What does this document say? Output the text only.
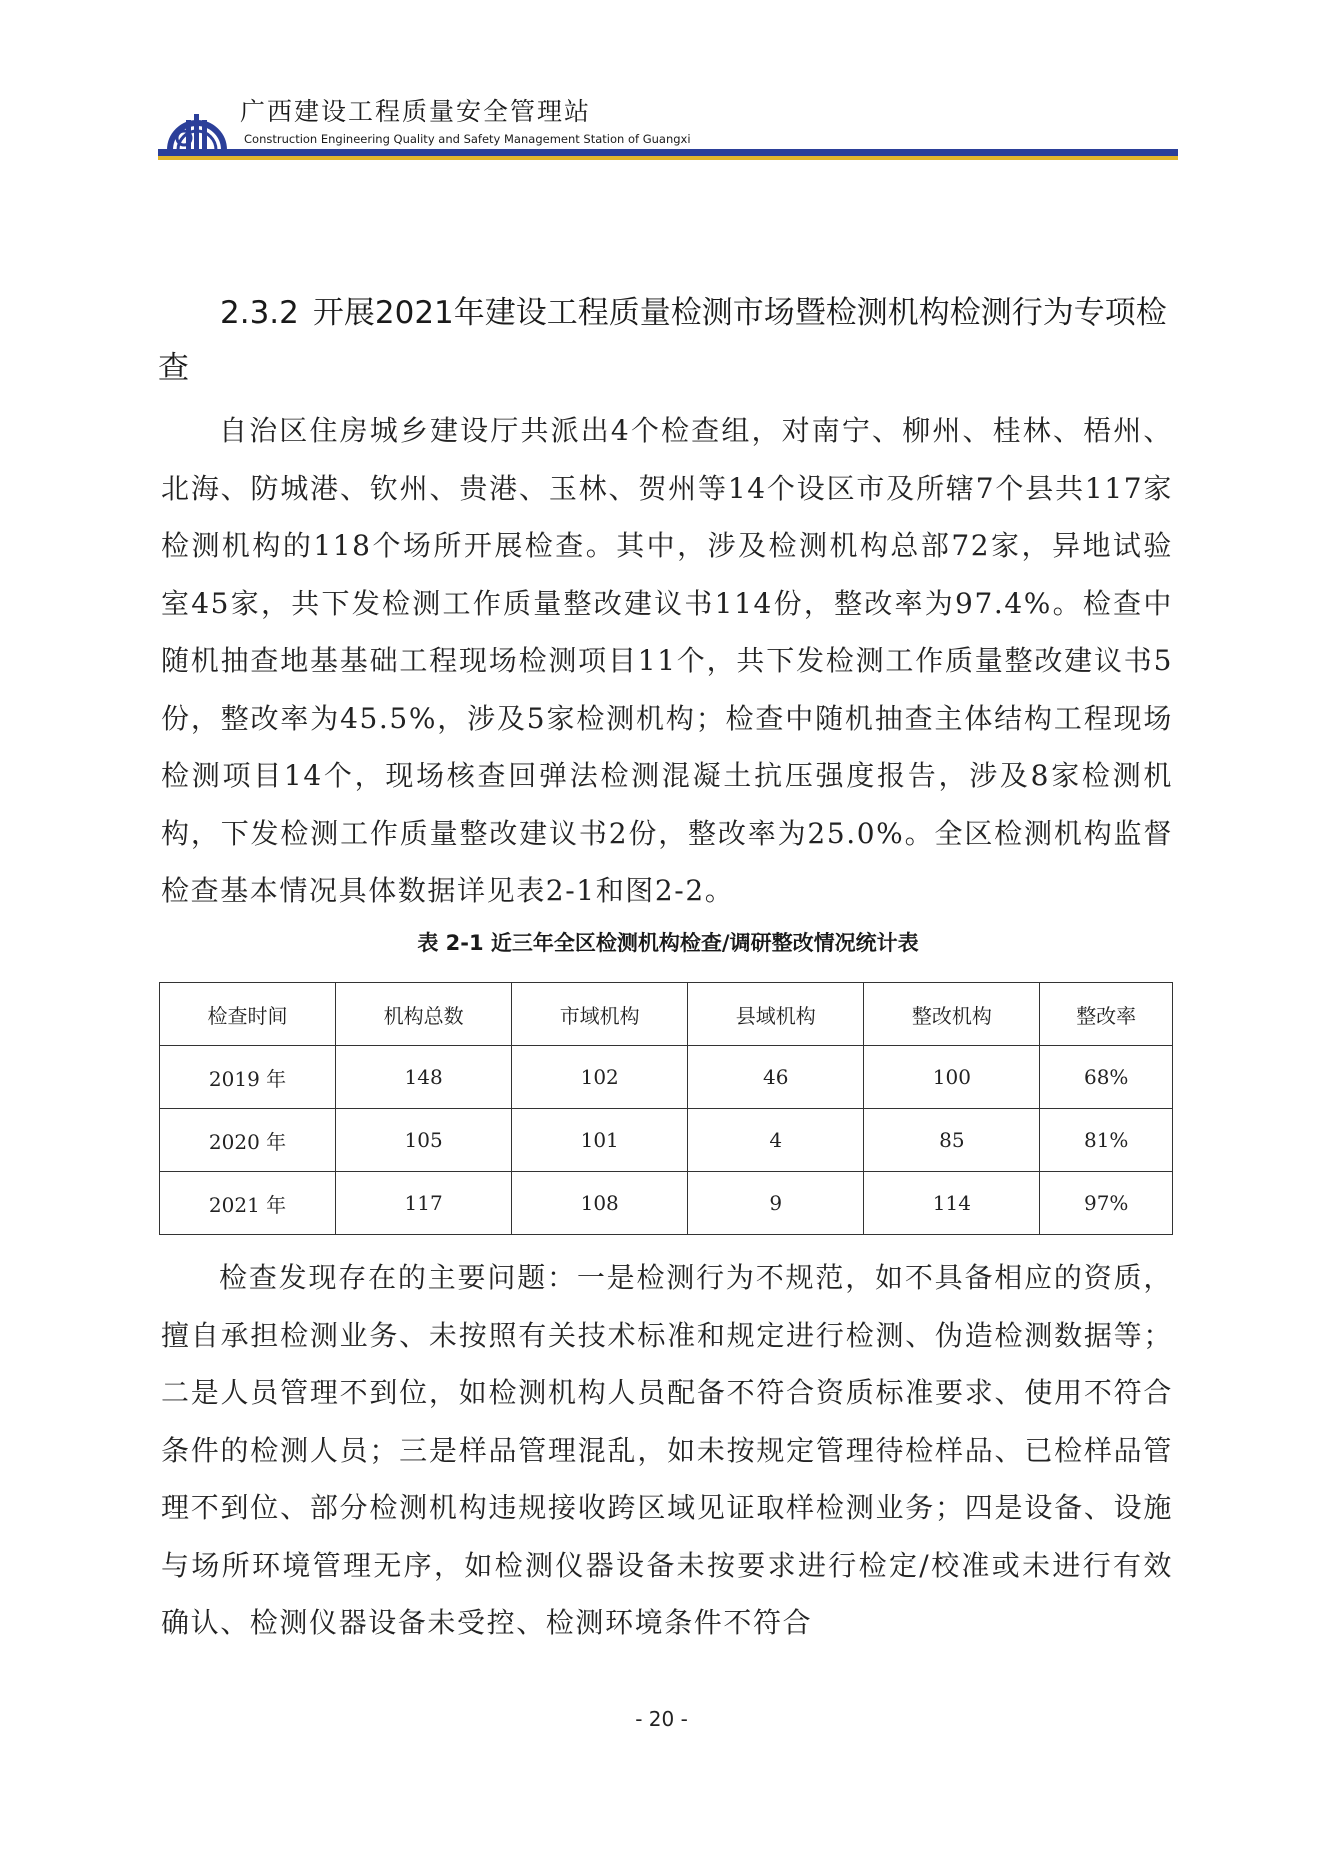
广西建设工程质量安全管理站
Construction Engineering Quality and Safety Management Station of Guangxi
2.3.2 开展2021年建设工程质量检测市场暨检测机构检测行为专项检查
自治区住房城乡建设厅共派出4个检查组，对南宁、柳州、桂林、梧州、北海、防城港、钦州、贵港、玉林、贺州等14个设区市及所辖7个县共117家检测机构的118个场所开展检查。其中，涉及检测机构总部72家，异地试验室45家，共下发检测工作质量整改建议书114份，整改率为97.4%。检查中随机抽查地基基础工程现场检测项目11个，共下发检测工作质量整改建议书5份，整改率为45.5%，涉及5家检测机构；检查中随机抽查主体结构工程现场检测项目14个，现场核查回弹法检测混凝土抗压强度报告，涉及8家检测机构，下发检测工作质量整改建议书2份，整改率为25.0%。全区检测机构监督检查基本情况具体数据详见表2-1和图2-2。
表 2-1 近三年全区检测机构检查/调研整改情况统计表
检查时间	机构总数	市域机构	县域机构	整改机构	整改率
2019 年	148	102	46	100	68%
2020 年	105	101	4	85	81%
2021 年	117	108	9	114	97%
检查发现存在的主要问题：一是检测行为不规范，如不具备相应的资质，擅自承担检测业务、未按照有关技术标准和规定进行检测、伪造检测数据等；二是人员管理不到位，如检测机构人员配备不符合资质标准要求、使用不符合条件的检测人员；三是样品管理混乱，如未按规定管理待检样品、已检样品管理不到位、部分检测机构违规接收跨区域见证取样检测业务；四是设备、设施与场所环境管理无序，如检测仪器设备未按要求进行检定/校准或未进行有效确认、检测仪器设备未受控、检测环境条件不符合
- 20 -
